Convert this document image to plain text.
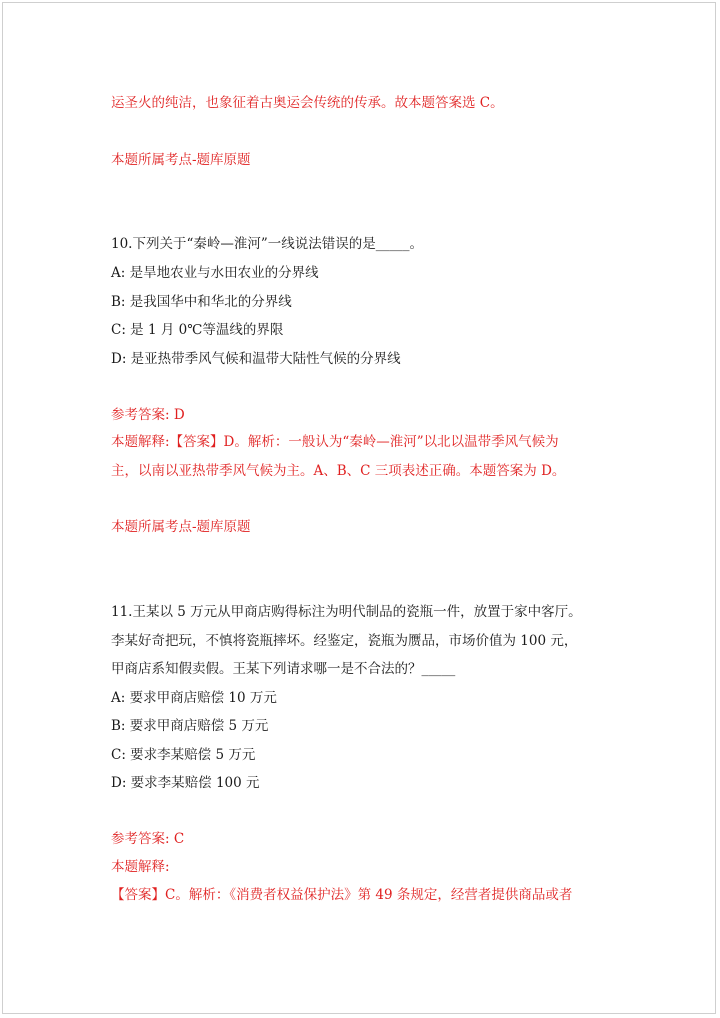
运圣火的纯洁，也象征着古奥运会传统的传承。故本题答案选 C。
本题所属考点-题库原题
10.下列关于“秦岭—淮河”一线说法错误的是_____。
A: 是旱地农业与水田农业的分界线
B: 是我国华中和华北的分界线
C: 是 1 月 0℃等温线的界限
D: 是亚热带季风气候和温带大陆性气候的分界线
参考答案: D
本题解释:【答案】D。解析：一般认为“秦岭—淮河”以北以温带季风气候为
主，以南以亚热带季风气候为主。A、B、C 三项表述正确。本题答案为 D。
本题所属考点-题库原题
11.王某以 5 万元从甲商店购得标注为明代制品的瓷瓶一件，放置于家中客厅。
李某好奇把玩，不慎将瓷瓶摔坏。经鉴定，瓷瓶为赝品，市场价值为 100 元，
甲商店系知假卖假。王某下列请求哪一是不合法的？_____
A: 要求甲商店赔偿 10 万元
B: 要求甲商店赔偿 5 万元
C: 要求李某赔偿 5 万元
D: 要求李某赔偿 100 元
参考答案: C
本题解释:
【答案】C。解析：《消费者权益保护法》第 49 条规定，经营者提供商品或者
